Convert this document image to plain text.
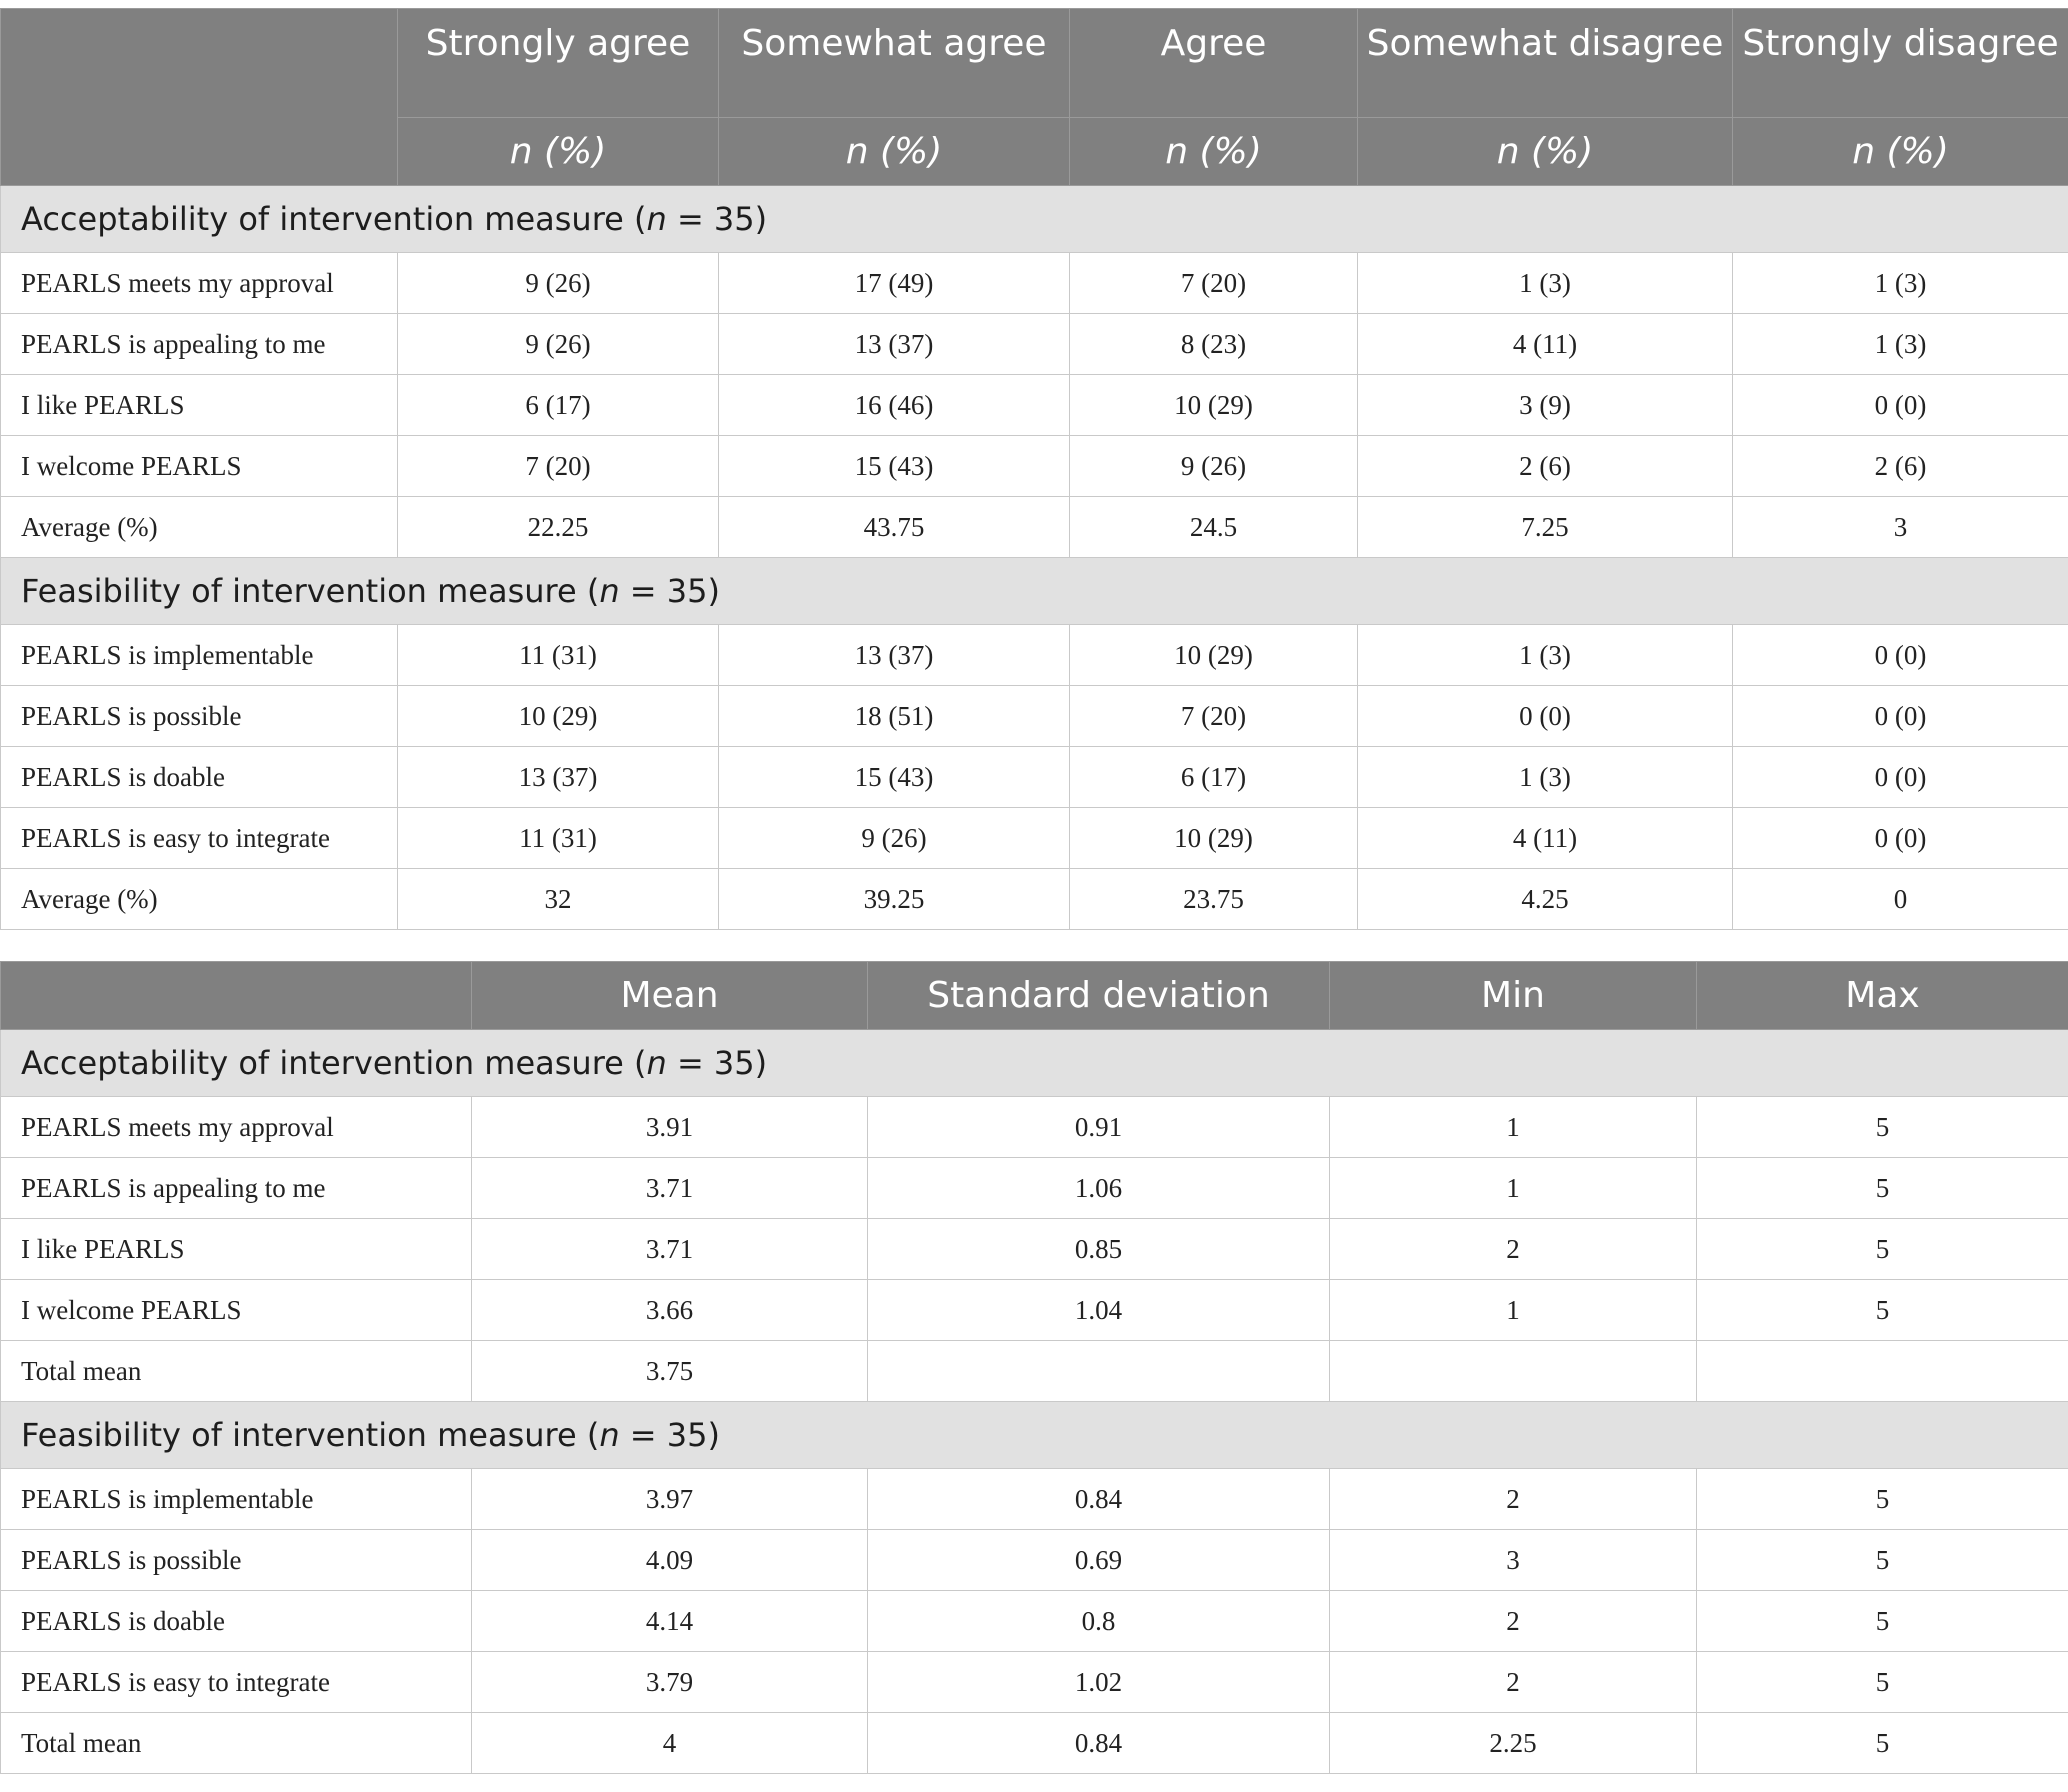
	Strongly agree	Somewhat agree	Agree	Somewhat disagree	Strongly disagree
	n (%)	n (%)	n (%)	n (%)	n (%)
Acceptability of intervention measure (n = 35)					
PEARLS meets my approval	9 (26)	17 (49)	7 (20)	1 (3)	1 (3)
PEARLS is appealing to me	9 (26)	13 (37)	8 (23)	4 (11)	1 (3)
I like PEARLS	6 (17)	16 (46)	10 (29)	3 (9)	0 (0)
I welcome PEARLS	7 (20)	15 (43)	9 (26)	2 (6)	2 (6)
Average (%)	22.25	43.75	24.5	7.25	3
Feasibility of intervention measure (n = 35)					
PEARLS is implementable	11 (31)	13 (37)	10 (29)	1 (3)	0 (0)
PEARLS is possible	10 (29)	18 (51)	7 (20)	0 (0)	0 (0)
PEARLS is doable	13 (37)	15 (43)	6 (17)	1 (3)	0 (0)
PEARLS is easy to integrate	11 (31)	9 (26)	10 (29)	4 (11)	0 (0)
Average (%)	32	39.25	23.75	4.25	0
	Mean	Standard deviation	Min	Max
Acceptability of intervention measure (n = 35)				
PEARLS meets my approval	3.91	0.91	1	5
PEARLS is appealing to me	3.71	1.06	1	5
I like PEARLS	3.71	0.85	2	5
I welcome PEARLS	3.66	1.04	1	5
Total mean	3.75			
Feasibility of intervention measure (n = 35)				
PEARLS is implementable	3.97	0.84	2	5
PEARLS is possible	4.09	0.69	3	5
PEARLS is doable	4.14	0.8	2	5
PEARLS is easy to integrate	3.79	1.02	2	5
Total mean	4	0.84	2.25	5
